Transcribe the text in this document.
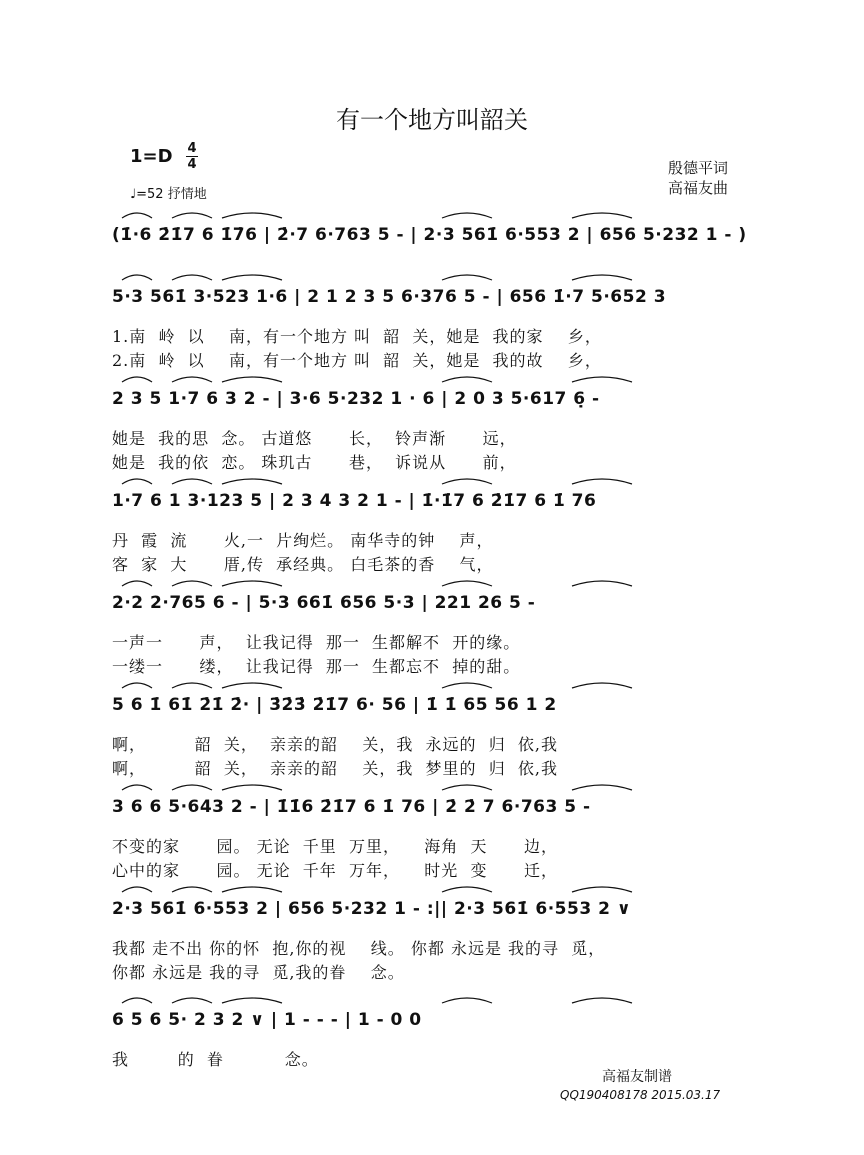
有一个地方叫韶关
1=D 4
4
♩=52 抒情地
殷德平词
高福友曲
(1̇·6 2̇1̇7 6 1̇7̇6 | 2̇·7 6·763 5 - | 2·3 561̇ 6·553 2 | 656 5·232 1 - )
5·3 561̇ 3·523 1·6 | 2 1 2 3 5 6·376 5 - | 656 1̇·7 5·652 3
1.南  岭  以    南，有一个地方 叫  韶  关，她是  我的家    乡，
2.南  岭  以    南，有一个地方 叫  韶  关，她是  我的故    乡，
2 3 5 1·7 6 3 2 - | 3·6 5·232 1 · 6 | 2 0 3 5·617 6̣ -
她是  我的思  念。 古道悠      长，  铃声渐      远，
她是  我的依  恋。 珠玑古      巷，  诉说从      前，
1·7 6 1 3·123 5 | 2 3 4 3 2 1 - | 1̇·1̇7 6 2̇1̇7 6 1̇ 76
丹  霞  流      火,一  片绚烂。 南华寺的钟    声，
客  家  大      厝,传  承经典。 白毛茶的香    气，
2·2 2·765 6 - | 5·3 661̇ 656 5·3 | 221 26 5 -
一声一      声，  让我记得  那一  生都解不  开的缘。
一缕一      缕，  让我记得  那一  生都忘不  掉的甜。
5 6 1̇ 61̇ 2̇1̇ 2̇· | 3̇2̇3̇ 2̇1̇7 6· 56 | 1̇ 1̇ 65 56 1 2
啊，        韶  关，  亲亲的韶    关，我  永远的  归  依,我
啊，        韶  关，  亲亲的韶    关，我  梦里的  归  依,我
3 6 6 5·643 2 - | 1̇1̇6 2̇1̇7 6 1̇ 76 | 2̇ 2̇ 7 6·763 5 -
不变的家      园。 无论  千里  万里，    海角  天      边，
心中的家      园。 无论  千年  万年，    时光  变      迁，
2·3 561̇ 6·553 2 | 656 5·232 1 - :|| 2·3 561̇ 6·553 2 ∨
我都 走不出 你的怀  抱,你的视    线。 你都 永远是 我的寻  觅，
你都 永远是 我的寻  觅,我的眷    念。
6 5 6 5· 2 3 2 ∨ | 1 - - - | 1 - 0 0
我        的  眷          念。
高福友制谱
QQ190408178 2015.03.17
